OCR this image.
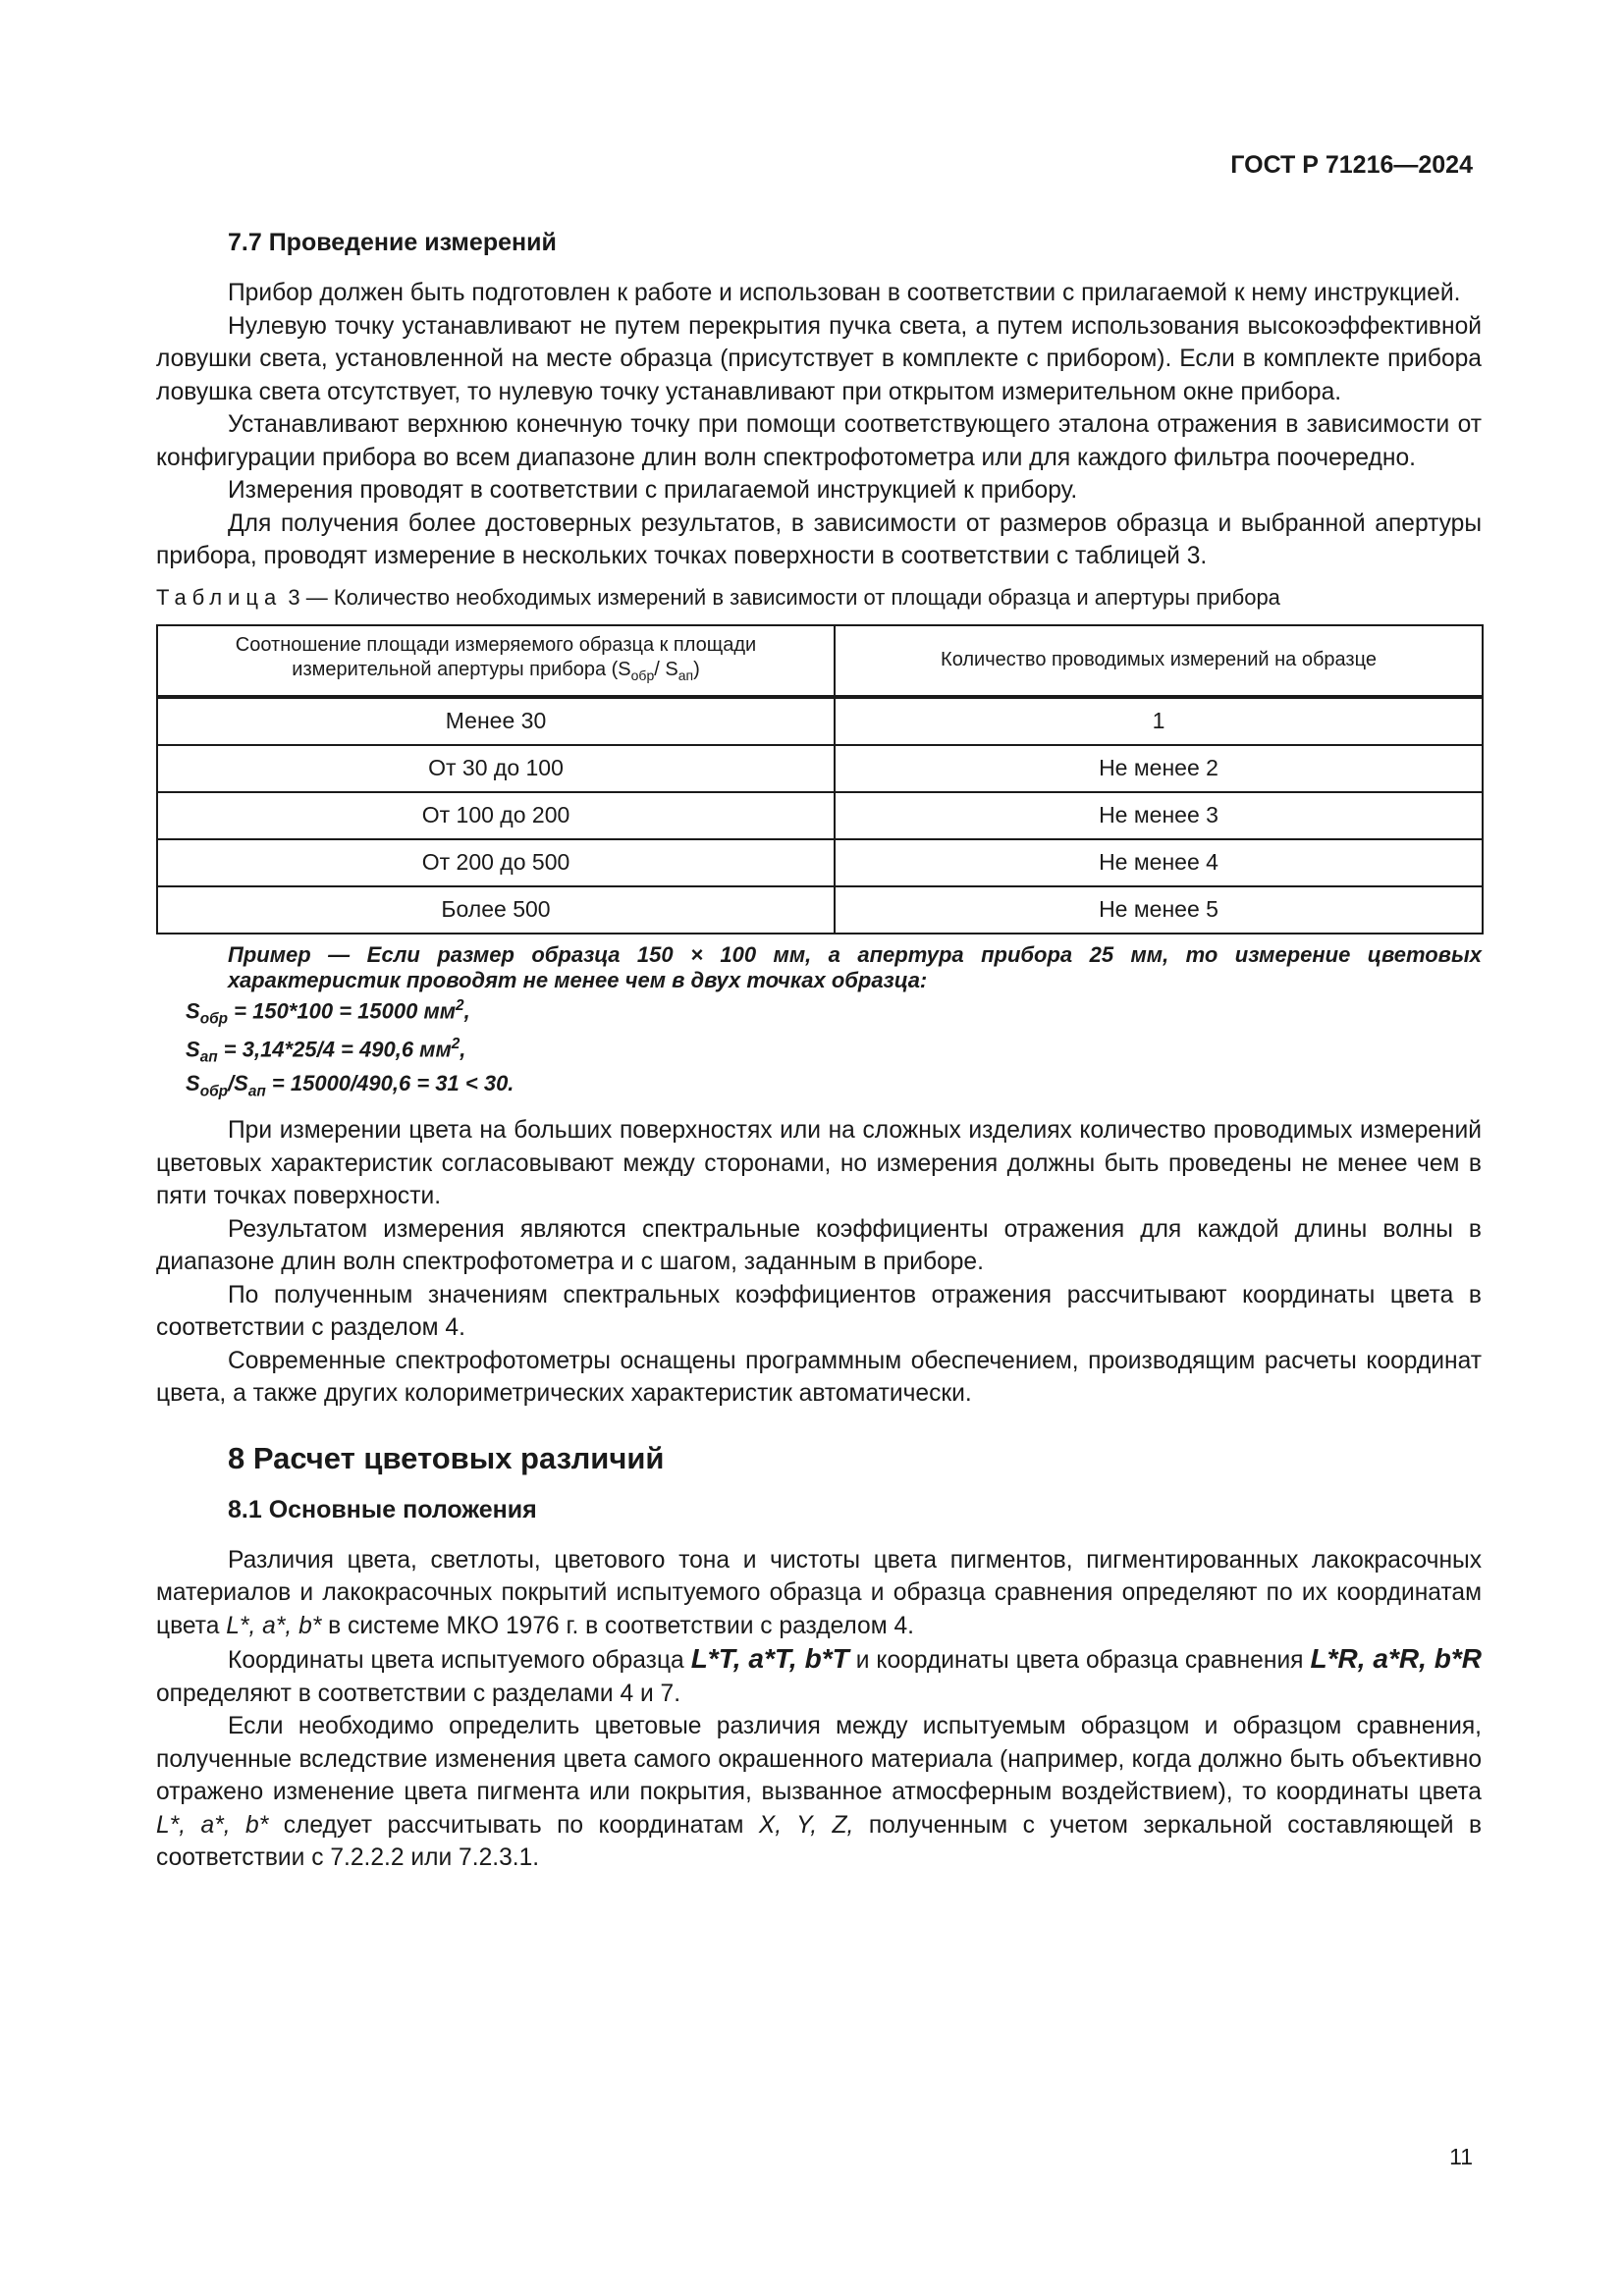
ГОСТ Р 71216—2024
7.7 Проведение измерений

Прибор должен быть подготовлен к работе и использован в соответствии с прилагаемой к нему инструкцией.

Нулевую точку устанавливают не путем перекрытия пучка света, а путем использования высокоэффективной ловушки света, установленной на месте образца (присутствует в комплекте с прибором). Если в комплекте прибора ловушка света отсутствует, то нулевую точку устанавливают при открытом измерительном окне прибора.

Устанавливают верхнюю конечную точку при помощи соответствующего эталона отражения в зависимости от конфигурации прибора во всем диапазоне длин волн спектрофотометра или для каждого фильтра поочередно.

Измерения проводят в соответствии с прилагаемой инструкцией к прибору.

Для получения более достоверных результатов, в зависимости от размеров образца и выбранной апертуры прибора, проводят измерение в нескольких точках поверхности в соответствии с таблицей 3.

Таблица 3 — Количество необходимых измерений в зависимости от площади образца и апертуры прибора
Соотношение площади измеряемого образца к площади
измерительной апертуры прибора ($S_{обр}/$ $S_{ап}$)	Количество проводимых измерений на образце
Менее 30	1
От 30 до 100	Не менее 2
От 100 до 200	Не менее 3
От 200 до 500	Не менее 4
Более 500	Не менее 5
Пример — Если размер образца 150 × 100 мм, а апертура прибора 25 мм, то измерение цветовых характеристик проводят не менее чем в двух точках образца:
$S_{обр} = 150*100 = 15000$ $мм^2$,
$S_{ап} = 3,14*25/4 = 490,6$ $мм^2$,
$S_{обр}/S_{ап} = 15000/490,6 = 31 < 30$.

При измерении цвета на больших поверхностях или на сложных изделиях количество проводимых измерений цветовых характеристик согласовывают между сторонами, но измерения должны быть проведены не менее чем в пяти точках поверхности.

Результатом измерения являются спектральные коэффициенты отражения для каждой длины волны в диапазоне длин волн спектрофотометра и с шагом, заданным в приборе.

По полученным значениям спектральных коэффициентов отражения рассчитывают координаты цвета в соответствии с разделом 4.

Современные спектрофотометры оснащены программным обеспечением, производящим расчеты координат цвета, а также других колориметрических характеристик автоматически.

8 Расчет цветовых различий
8.1 Основные положения

Различия цвета, светлоты, цветового тона и чистоты цвета пигментов, пигментированных лакокрасочных материалов и лакокрасочных покрытий испытуемого образца и образца сравнения определяют по их координатам цвета L*, a*, b* в системе МКО 1976 г. в соответствии с разделом 4.

Координаты цвета испытуемого образца L*T, a*T, b*T и координаты цвета образца сравнения L*R, a*R, b*R определяют в соответствии с разделами 4 и 7.

Если необходимо определить цветовые различия между испытуемым образцом и образцом сравнения, полученные вследствие изменения цвета самого окрашенного материала (например, когда должно быть объективно отражено изменение цвета пигмента или покрытия, вызванное атмосферным воздействием), то координаты цвета L*, a*, b* следует рассчитывать по координатам X, Y, Z, полученным с учетом зеркальной составляющей в соответствии с 7.2.2.2 или 7.2.3.1.

11
